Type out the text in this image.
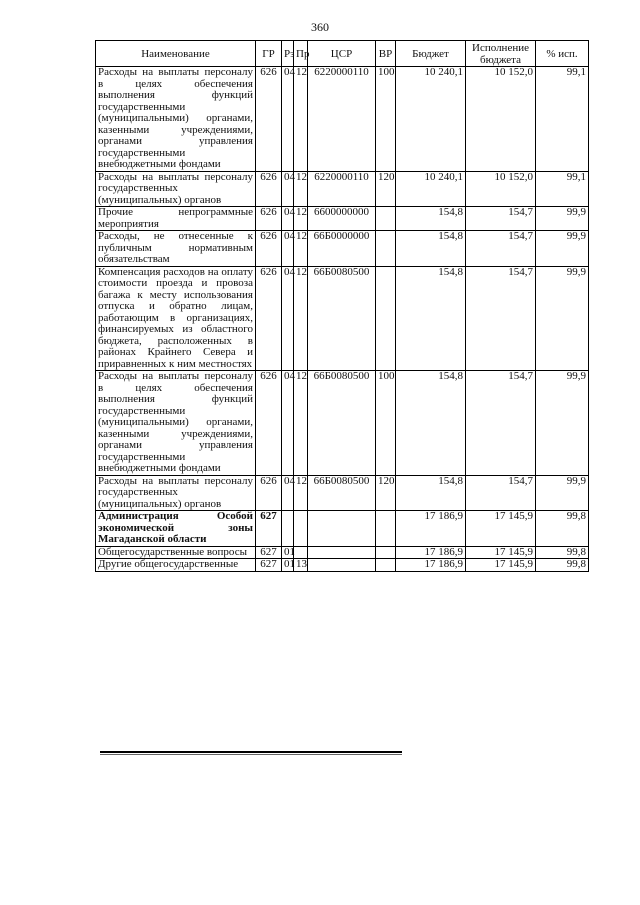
360
Наименование	ГР	Рз	Пр	ЦСР	ВР	Бюджет	Исполнение бюджета	% исп.
Расходы на выплаты персоналу в целях обеспечения выполнения функций государственными (муниципальными) органами, казенными учреждениями, органами управления государственными внебюджетными фондами	626	04	12	6220000110	100	10 240,1	10 152,0	99,1
Расходы на выплаты персоналу государственных (муниципальных) органов	626	04	12	6220000110	120	10 240,1	10 152,0	99,1
Прочие непрограммные мероприятия	626	04	12	6600000000		154,8	154,7	99,9
Расходы, не отнесенные к публичным нормативным обязательствам	626	04	12	66Б0000000		154,8	154,7	99,9
Компенсация расходов на оплату стоимости проезда и провоза багажа к месту использования отпуска и обратно лицам, работающим в организациях, финансируемых из областного бюджета, расположенных в районах Крайнего Севера и приравненных к ним местностях	626	04	12	66Б0080500		154,8	154,7	99,9
Расходы на выплаты персоналу в целях обеспечения выполнения функций государственными (муниципальными) органами, казенными учреждениями, органами управления государственными внебюджетными фондами	626	04	12	66Б0080500	100	154,8	154,7	99,9
Расходы на выплаты персоналу государственных (муниципальных) органов	626	04	12	66Б0080500	120	154,8	154,7	99,9
Администрация Особой экономической зоны Магаданской области	627					17 186,9	17 145,9	99,8
Общегосударственные вопросы	627	01				17 186,9	17 145,9	99,8
Другие общегосударственные	627	01	13			17 186,9	17 145,9	99,8
